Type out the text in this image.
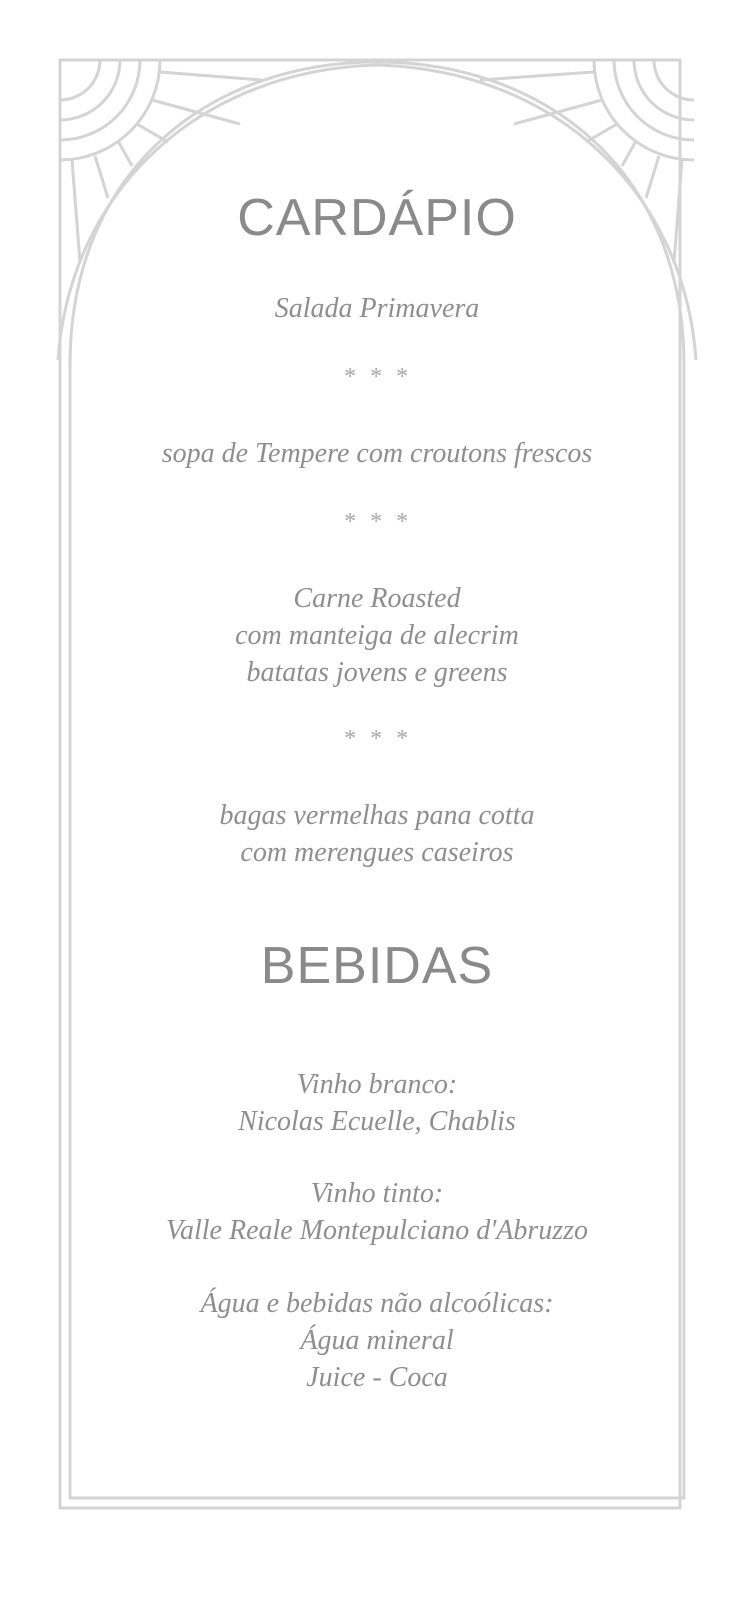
CARDÁPIO
Salada Primavera
* * *
sopa de Tempere com croutons frescos
* * *
Carne Roasted
com manteiga de alecrim
batatas jovens e greens
* * *
bagas vermelhas pana cotta
com merengues caseiros
BEBIDAS
Vinho branco:
Nicolas Ecuelle, Chablis
Vinho tinto:
Valle Reale Montepulciano d'Abruzzo
Água e bebidas não alcoólicas:
Água mineral
Juice - Coca
